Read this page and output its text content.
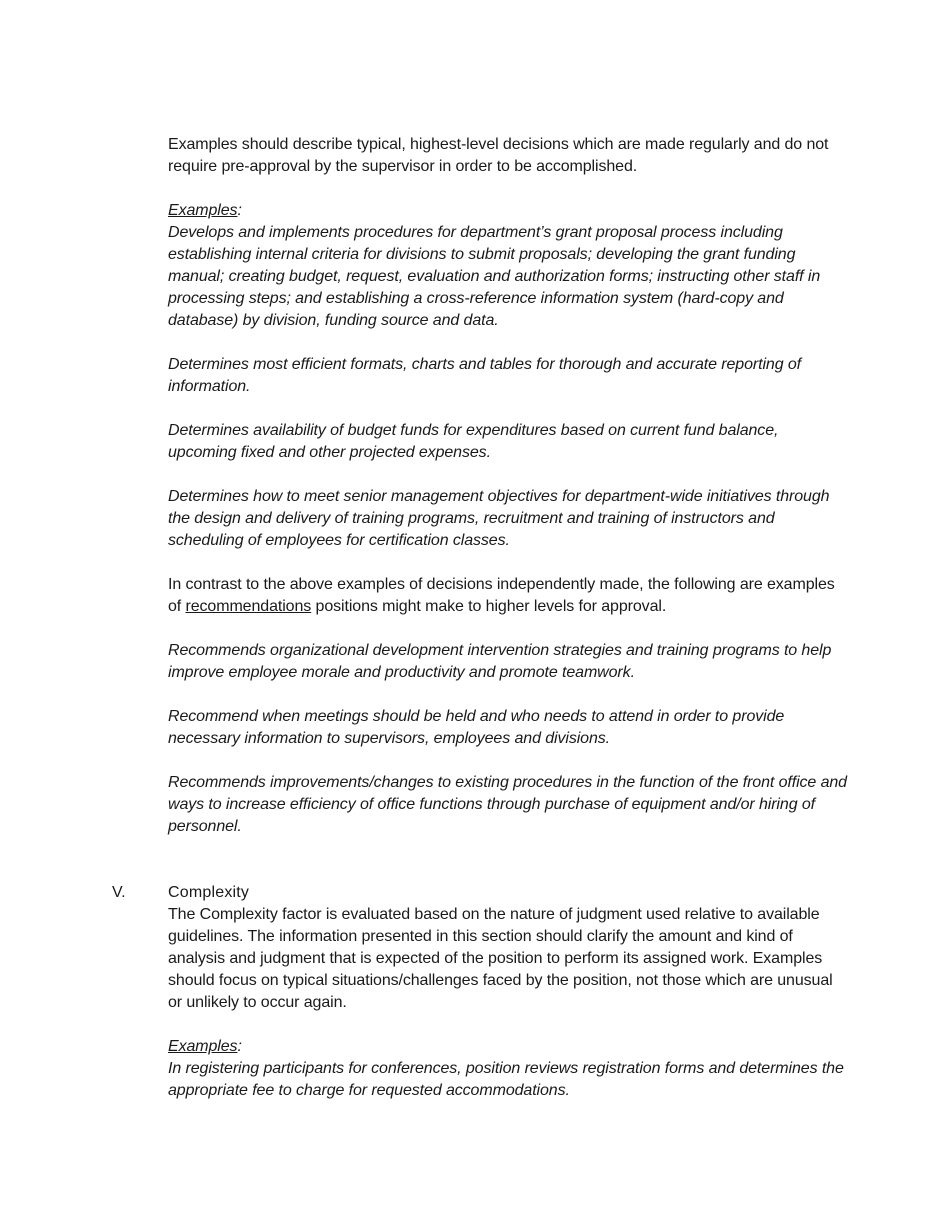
Examples should describe typical, highest-level decisions which are made regularly and do not require pre-approval by the supervisor in order to be accomplished.

Examples:

Develops and implements procedures for department’s grant proposal process including establishing internal criteria for divisions to submit proposals; developing the grant funding manual; creating budget, request, evaluation and authorization forms; instructing other staff in processing steps; and establishing a cross-reference information system (hard-copy and database) by division, funding source and data.

Determines most efficient formats, charts and tables for thorough and accurate reporting of information.

Determines availability of budget funds for expenditures based on current fund balance, upcoming fixed and other projected expenses.

Determines how to meet senior management objectives for department-wide initiatives through the design and delivery of training programs, recruitment and training of instructors and scheduling of employees for certification classes.

In contrast to the above examples of decisions independently made, the following are examples of recommendations positions might make to higher levels for approval.

Recommends organizational development intervention strategies and training programs to help improve employee morale and productivity and promote teamwork.

Recommend when meetings should be held and who needs to attend in order to provide necessary information to supervisors, employees and divisions.

Recommends improvements/changes to existing procedures in the function of the front office and ways to increase efficiency of office functions through purchase of equipment and/or hiring of personnel.

V.	Complexity

The Complexity factor is evaluated based on the nature of judgment used relative to available guidelines. The information presented in this section should clarify the amount and kind of analysis and judgment that is expected of the position to perform its assigned work. Examples should focus on typical situations/challenges faced by the position, not those which are unusual or unlikely to occur again.

Examples:

In registering participants for conferences, position reviews registration forms and determines the appropriate fee to charge for requested accommodations.
